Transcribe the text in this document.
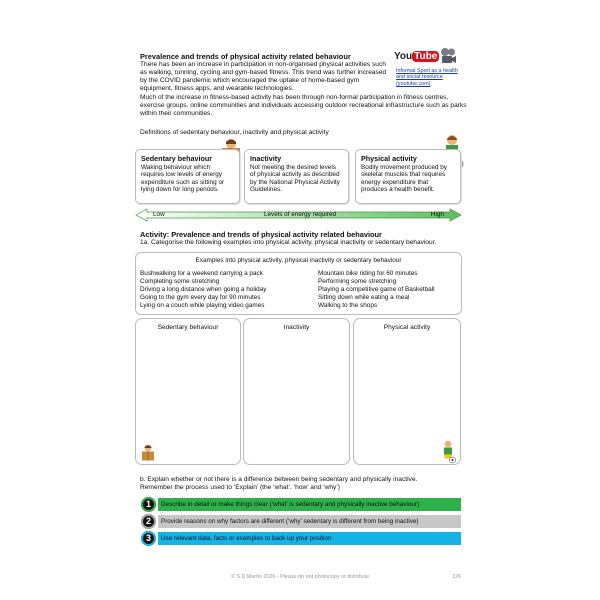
Prevalence and trends of physical activity related behaviour
There has been an increase in participation in non-organised physical activities such as walking, running, cycling and gym-based fitness. This trend was further increased by the COVID pandemic which encouraged the uptake of home-based gym equipment, fitness apps, and wearable technologies.
Much of the increase in fitness-based activity has been through non-formal participation in fitness centres, exercise groups, online communities and individuals accessing outdoor recreational infrastructure such as parks within their communities.
You Tube
Informal Sport as a health and social resource (youtube.com)
Definitions of sedentary behaviour, inactivity and physical activity
Sedentary behaviour
Waking behaviour which requires low levels of energy expenditure such as sitting or lying down for long periods.
Inactivity
Not meeting the desired levels of physical activity as described by the National Physical Activity Guidelines.
Physical activity
Bodily movement produced by skeletal muscles that requires energy expenditure that produces a health benefit.
Low	Levels of energy required	High
Activity: Prevalence and trends of physical activity related behaviour
1a. Categorise the following examples into physical activity, physical inactivity or sedentary behaviour.
Examples into physical activity, physical inactivity or sedentary behaviour
Bushwalking for a weekend carrying a pack
Completing some stretching
Driving a long distance when going a holiday
Going to the gym every day for 90 minutes
Lying on a couch while playing video games
Mountain bike riding for 60 minutes
Performing some stretching
Playing a competitive game of Basketball
Sitting down while eating a meal
Walking to the shops
Sedentary behaviour	Inactivity	Physical activity
b. Explain whether or not there is a difference between being sedentary and physically inactive.
Remember the process used to ‘Explain’ (the ‘what’, ‘how’ and ‘why’)
1	Describe in detail or make things clear (‘what’ is sedentary and physically inactive behaviour)
2	Provide reasons on why factors are different (‘why’ sedentary is different from being inactive)
3	Use relevant data, facts or examples to back up your position
© S D Martin 2026 - Please do not photocopy or distribute	126
